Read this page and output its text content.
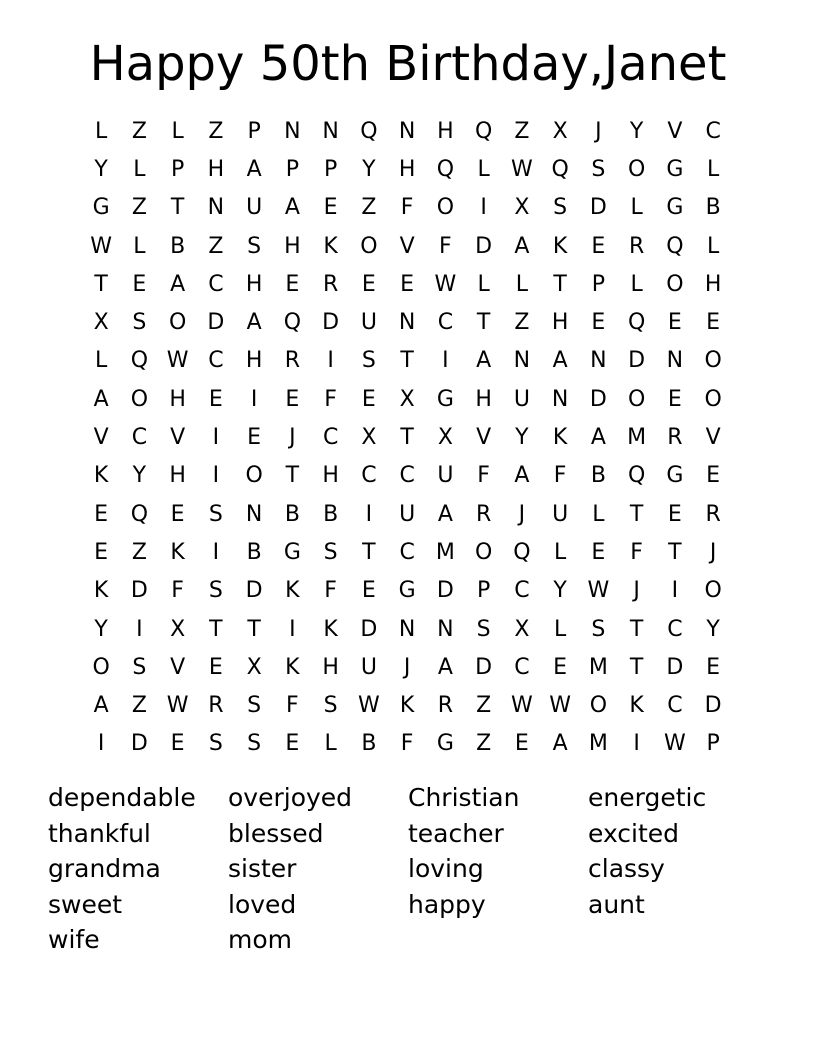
Happy 50th Birthday,Janet
L	Z	L	Z	P	N N Q N H Q	Z	X	J	Y	V	C
Y	L	P	H	A	P	P	Y	H Q	L W Q	S	O G	L
G	Z	T	N U	A	E	Z	F	O	I	X	S	D	L	G	B
W L	B	Z	S	H	K	O	V	F	D	A	K	E	R Q	L
T	E	A	C	H	E	R	E	E W L	L	T	P	L	O H
X	S	O D	A	Q D U N	C	T	Z	H	E	Q	E	E
L	Q W C	H	R	I	S	T	I	A	N	A	N D N O
A	O H	E	I	E	F	E	X	G H U N D O	E	O
V	C	V	I	E	J	C	X	T	X	V	Y	K	A M R	V
K	Y	H	I	O	T	H	C	C	U	F	A	F	B	Q G	E
E	Q	E	S	N	B	B	I	U	A	R	J	U	L	T	E	R
E	Z	K	I	B	G	S	T	C M O Q	L	E	F	T	J
K	D	F	S	D	K	F	E	G D	P	C	Y W	J	I	O
Y	I	X	T	T	I	K	D N N	S	X	L	S	T	C	Y
O	S	V	E	X	K	H U	J	A	D	C	E M	T	D	E
A	Z W R	S	F	S W K	R	Z W W O	K	C	D
I	D	E	S	S	E	L	B	F	G	Z	E	A M	I	W P
dependable	overjoyed	Christian	energetic
thankful	blessed	teacher	excited
grandma	sister	loving	classy
sweet	loved	happy	aunt
wife	mom
